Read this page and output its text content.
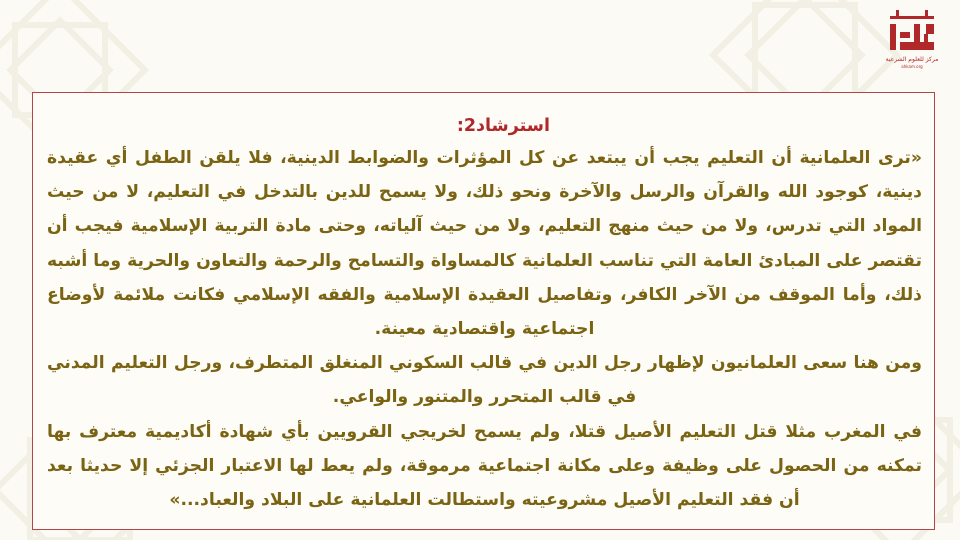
مركز للعلوم الشرعية
ahkam.org
استرشاد2:
«ترى العلمانية أن التعليم يجب أن يبتعد عن كل المؤثرات والضوابط الدينية، فلا يلقن الطفل أي عقيدة دينية، كوجود الله والقرآن والرسل والآخرة ونحو ذلك، ولا يسمح للدين بالتدخل في التعليم، لا من حيث المواد التي تدرس، ولا من حيث منهج التعليم، ولا من حيث آلياته، وحتى مادة التربية الإسلامية فيجب أن تقتصر على المبادئ العامة التي تناسب العلمانية كالمساواة والتسامح والرحمة والتعاون والحرية وما أشبه ذلك، وأما الموقف من الآخر الكافر، وتفاصيل العقيدة الإسلامية والفقه الإسلامي فكانت ملائمة لأوضاع اجتماعية واقتصادية معينة.
ومن هنا سعى العلمانيون لإظهار رجل الدين في قالب السكوني المنغلق المتطرف، ورجل التعليم المدني في قالب المتحرر والمتنور والواعي.
في المغرب مثلا قتل التعليم الأصيل قتلا، ولم يسمح لخريجي القرويين بأي شهادة أكاديمية معترف بها تمكنه من الحصول على وظيفة وعلى مكانة اجتماعية مرموقة، ولم يعط لها الاعتبار الجزئي إلا حديثا بعد أن فقد التعليم الأصيل مشروعيته واستطالت العلمانية على البلاد والعباد...»
